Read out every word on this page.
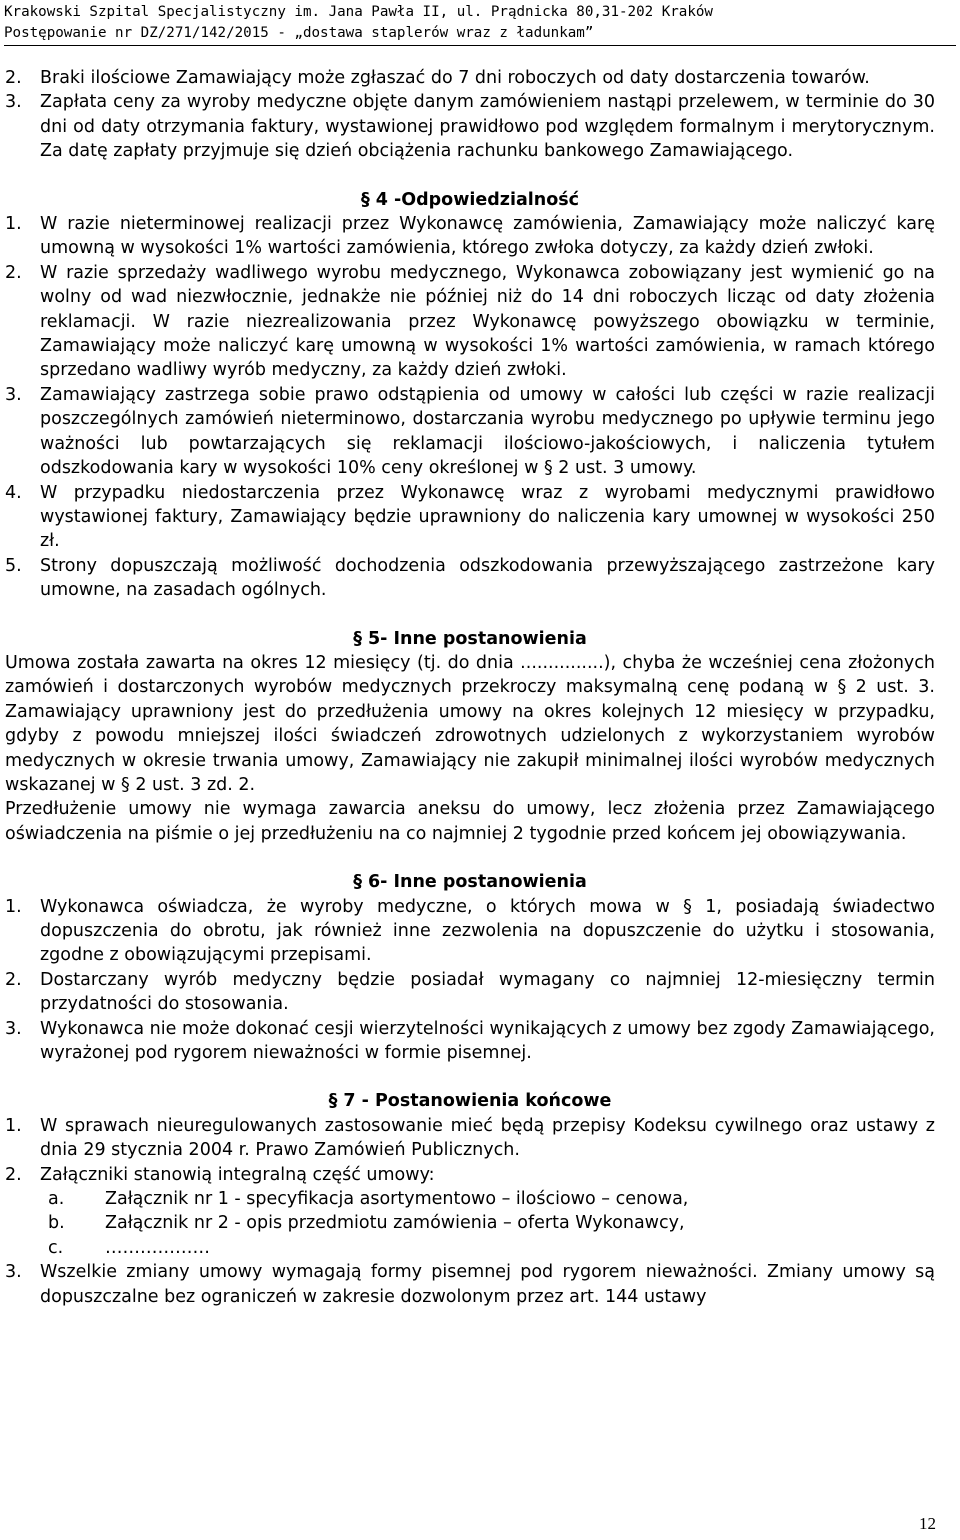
Krakowski Szpital Specjalistyczny im. Jana Pawła II, ul. Prądnicka 80,31-202 Kraków
Postępowanie nr DZ/271/142/2015 - „dostawa staplerów wraz z ładunkam”
2.	Braki ilościowe Zamawiający może zgłaszać do 7 dni roboczych od daty dostarczenia towarów.
3.	Zapłata ceny za wyroby medyczne objęte danym zamówieniem nastąpi przelewem, w terminie do 30 dni od daty otrzymania faktury, wystawionej prawidłowo pod względem formalnym i merytorycznym. Za datę zapłaty przyjmuje się dzień obciążenia rachunku bankowego Zamawiającego.
§ 4 -Odpowiedzialność
1.	W razie nieterminowej realizacji przez Wykonawcę zamówienia, Zamawiający może naliczyć karę umowną w wysokości 1% wartości zamówienia, którego zwłoka dotyczy, za każdy dzień zwłoki.
2.	W razie sprzedaży wadliwego wyrobu medycznego, Wykonawca zobowiązany jest wymienić go na wolny od wad niezwłocznie, jednakże nie później niż do 14 dni roboczych licząc od daty złożenia reklamacji. W razie niezrealizowania przez Wykonawcę powyższego obowiązku w terminie, Zamawiający może naliczyć karę umowną w wysokości 1% wartości zamówienia, w ramach którego sprzedano wadliwy wyrób medyczny, za każdy dzień zwłoki.
3.	Zamawiający zastrzega sobie prawo odstąpienia od umowy w całości lub części w razie realizacji poszczególnych zamówień nieterminowo, dostarczania wyrobu medycznego po upływie terminu jego ważności lub powtarzających się reklamacji ilościowo-jakościowych, i naliczenia tytułem odszkodowania kary w wysokości 10% ceny określonej w § 2 ust. 3 umowy.
4.	W przypadku niedostarczenia przez Wykonawcę wraz z wyrobami medycznymi prawidłowo wystawionej faktury, Zamawiający będzie uprawniony do naliczenia kary umownej w wysokości 250 zł.
5.	Strony dopuszczają możliwość dochodzenia odszkodowania przewyższającego zastrzeżone kary umowne, na zasadach ogólnych.
§ 5- Inne postanowienia
Umowa została zawarta na okres 12 miesięcy (tj. do dnia ...............), chyba że wcześniej cena złożonych zamówień i dostarczonych wyrobów medycznych przekroczy maksymalną cenę podaną w § 2 ust. 3. Zamawiający uprawniony jest do przedłużenia umowy na okres kolejnych 12 miesięcy w przypadku, gdyby z powodu mniejszej ilości świadczeń zdrowotnych udzielonych z wykorzystaniem wyrobów medycznych w okresie trwania umowy, Zamawiający nie zakupił minimalnej ilości wyrobów medycznych wskazanej w § 2 ust. 3 zd. 2.
Przedłużenie umowy nie wymaga zawarcia aneksu do umowy, lecz złożenia przez Zamawiającego oświadczenia na piśmie o jej przedłużeniu na co najmniej 2 tygodnie przed końcem jej obowiązywania.
§ 6- Inne postanowienia
1.	Wykonawca oświadcza, że wyroby medyczne, o których mowa w § 1, posiadają świadectwo dopuszczenia do obrotu, jak również inne zezwolenia na dopuszczenie do użytku i stosowania, zgodne z obowiązującymi przepisami.
2.	Dostarczany wyrób medyczny będzie posiadał wymagany co najmniej 12-miesięczny termin przydatności do stosowania.
3.	Wykonawca nie może dokonać cesji wierzytelności wynikających z umowy bez zgody Zamawiającego, wyrażonej pod rygorem nieważności w formie pisemnej.
§ 7 - Postanowienia końcowe
1.	W sprawach nieuregulowanych zastosowanie mieć będą przepisy Kodeksu cywilnego oraz ustawy z dnia 29 stycznia 2004 r. Prawo Zamówień Publicznych.
2.	Załączniki stanowią integralną część umowy:
a.	Załącznik nr 1 - specyfikacja asortymentowo – ilościowo – cenowa,
b.	Załącznik nr 2 - opis przedmiotu zamówienia – oferta Wykonawcy,
c.	………………
3.	Wszelkie zmiany umowy wymagają formy pisemnej pod rygorem nieważności. Zmiany umowy są dopuszczalne bez ograniczeń w zakresie dozwolonym przez art. 144 ustawy
12
